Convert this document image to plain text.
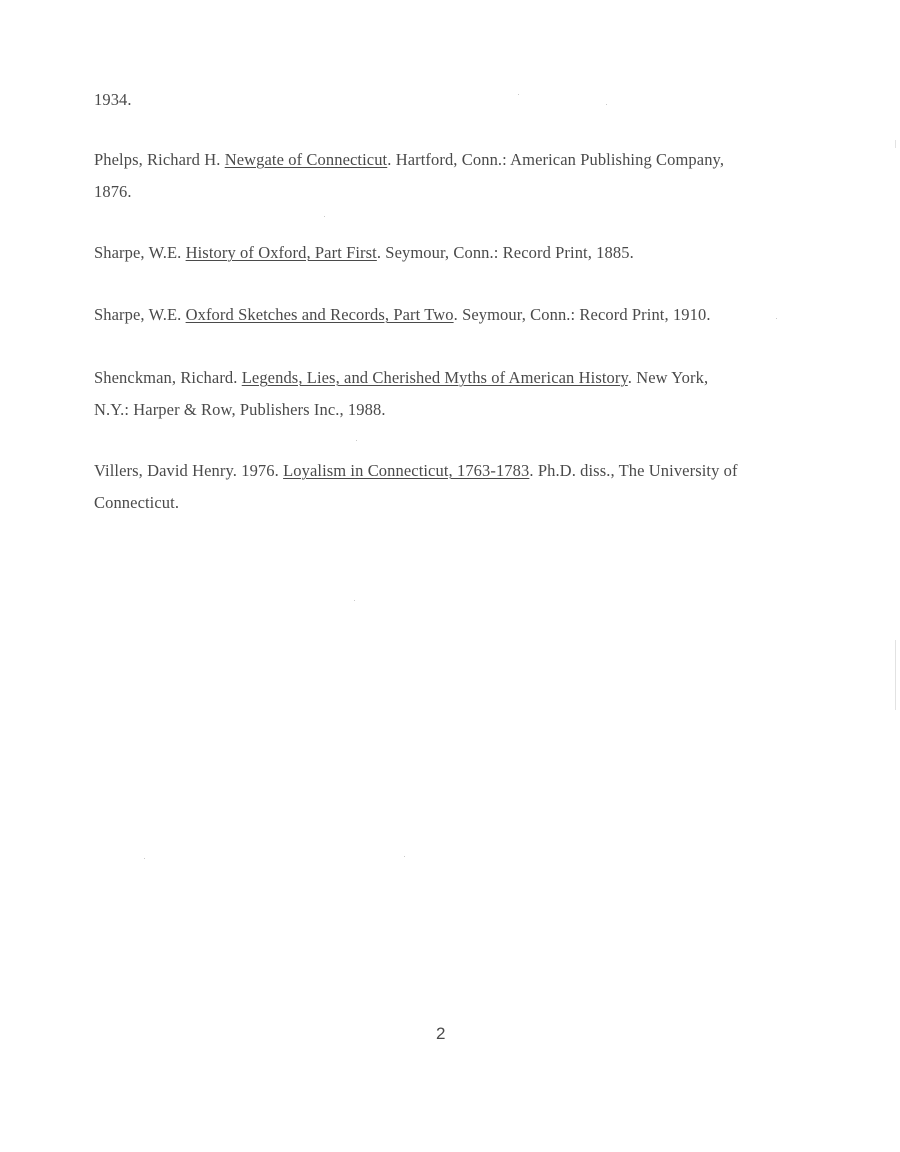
1934.
Phelps, Richard H. Newgate of Connecticut. Hartford, Conn.: American Publishing Company,
1876.
Sharpe, W.E. History of Oxford, Part First. Seymour, Conn.: Record Print, 1885.
Sharpe, W.E. Oxford Sketches and Records, Part Two. Seymour, Conn.: Record Print, 1910.
Shenckman, Richard. Legends, Lies, and Cherished Myths of American History. New York,
N.Y.: Harper & Row, Publishers Inc., 1988.
Villers, David Henry. 1976. Loyalism in Connecticut, 1763-1783. Ph.D. diss., The University of
Connecticut.
2
